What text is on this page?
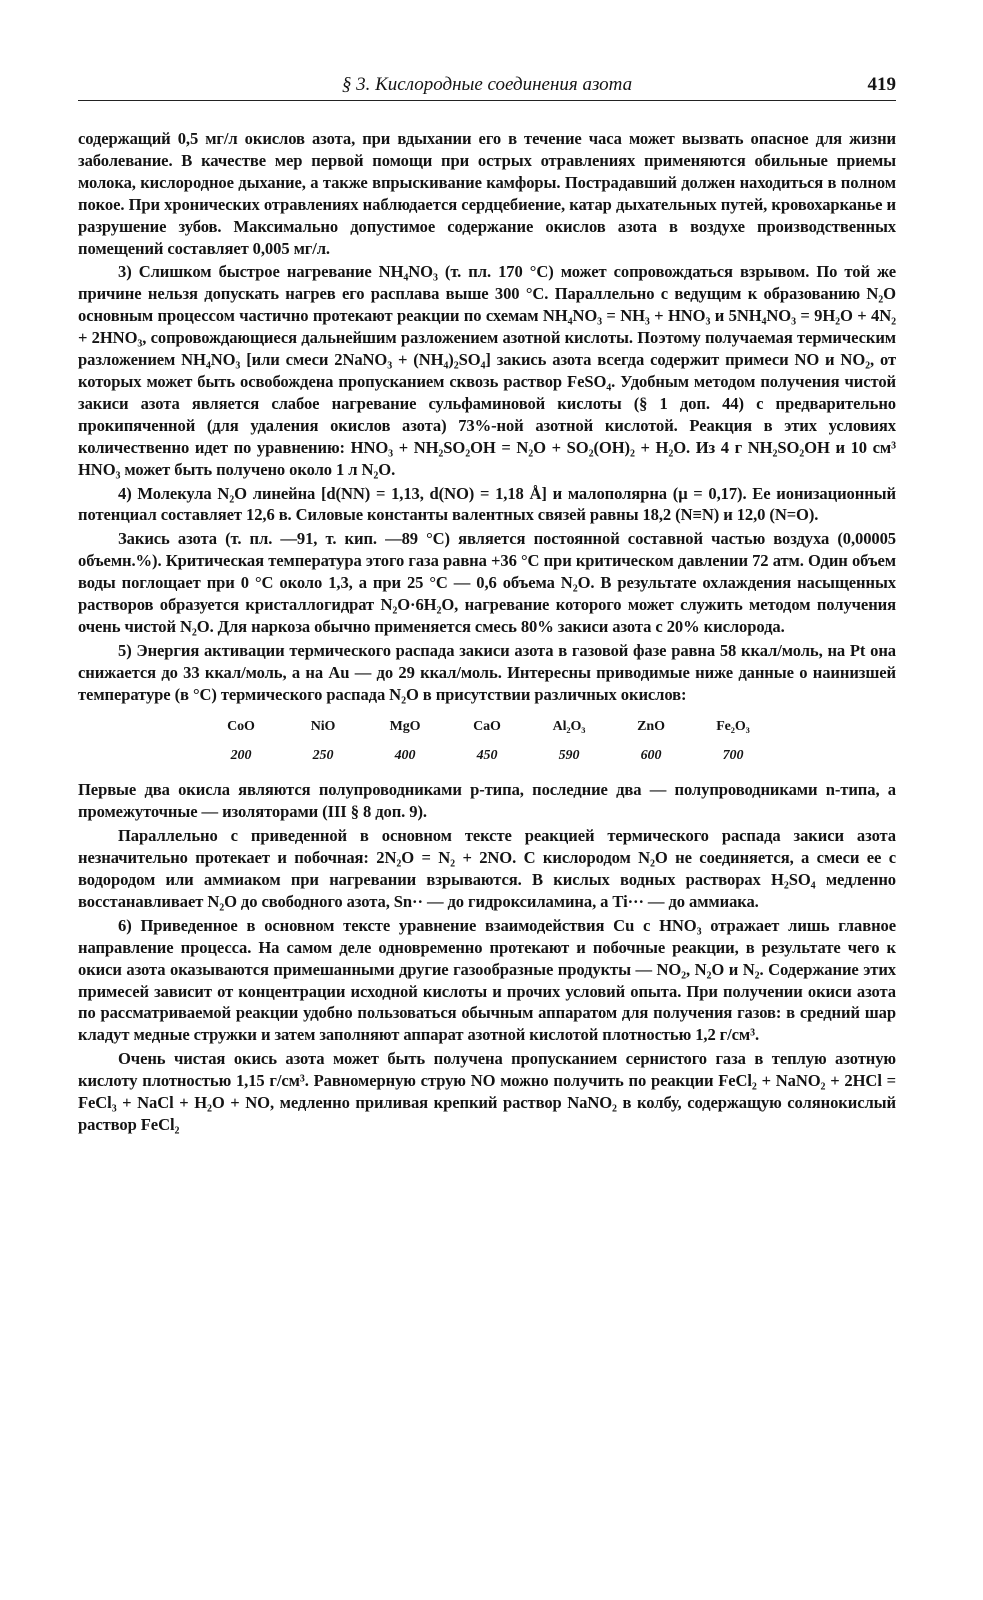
§ 3. Кислородные соединения азота	419

содержащий 0,5 мг/л окислов азота, при вдыхании его в течение часа может вызвать опасное для жизни заболевание. В качестве мер первой помощи при острых отравлениях применяются обильные приемы молока, кислородное дыхание, а также впрыскивание камфоры. Пострадавший должен находиться в полном покое. При хронических отравлениях наблюдается сердцебиение, катар дыхательных путей, кровохарканье и разрушение зубов. Максимально допустимое содержание окислов азота в воздухе производственных помещений составляет 0,005 мг/л.

3) Слишком быстрое нагревание NH₄NO₃ (т. пл. 170 °C) может сопровождаться взрывом. По той же причине нельзя допускать нагрев его расплава выше 300 °C. Параллельно с ведущим к образованию N₂O основным процессом частично протекают реакции по схемам NH₄NO₃ = NH₃ + HNO₃ и 5NH₄NO₃ = 9H₂O + 4N₂ + 2HNO₃, сопровождающиеся дальнейшим разложением азотной кислоты. Поэтому получаемая термическим разложением NH₄NO₃ [или смеси 2NaNO₃ + (NH₄)₂SO₄] закись азота всегда содержит примеси NO и NO₂, от которых может быть освобождена пропусканием сквозь раствор FeSO₄. Удобным методом получения чистой закиси азота является слабое нагревание сульфаминовой кислоты (§ 1 доп. 44) с предварительно прокипяченной (для удаления окислов азота) 73%-ной азотной кислотой. Реакция в этих условиях количественно идет по уравнению: HNO₃ + NH₂SO₂OH = N₂O + SO₂(OH)₂ + H₂O. Из 4 г NH₂SO₂OH и 10 см³ HNO₃ может быть получено около 1 л N₂O.

4) Молекула N₂O линейна [d(NN) = 1,13, d(NO) = 1,18 Å] и малополярна (μ = 0,17). Ее ионизационный потенциал составляет 12,6 в. Силовые константы валентных связей равны 18,2 (N≡N) и 12,0 (N=O).

Закись азота (т. пл. —91, т. кип. —89 °C) является постоянной составной частью воздуха (0,00005 объемн.%). Критическая температура этого газа равна +36 °C при критическом давлении 72 атм. Один объем воды поглощает при 0 °C около 1,3, а при 25 °C — 0,6 объема N₂O. В результате охлаждения насыщенных растворов образуется кристаллогидрат N₂O·6H₂O, нагревание которого может служить методом получения очень чистой N₂O. Для наркоза обычно применяется смесь 80% закиси азота с 20% кислорода.

5) Энергия активации термического распада закиси азота в газовой фазе равна 58 ккал/моль, на Pt она снижается до 33 ккал/моль, а на Au — до 29 ккал/моль. Интересны приводимые ниже данные о наинизшей температуре (в °C) термического распада N₂O в присутствии различных окислов:

CoO	NiO	MgO	CaO	Al₂O₃	ZnO	Fe₂O₃
200	250	400	450	590	600	700

Первые два окисла являются полупроводниками p-типа, последние два — полупроводниками n-типа, а промежуточные — изоляторами (III § 8 доп. 9).

Параллельно с приведенной в основном тексте реакцией термического распада закиси азота незначительно протекает и побочная: 2N₂O = N₂ + 2NO. С кислородом N₂O не соединяется, а смеси ее с водородом или аммиаком при нагревании взрываются. В кислых водных растворах H₂SO₄ медленно восстанавливает N₂O до свободного азота, Sn·· — до гидроксиламина, а Ti··· — до аммиака.

6) Приведенное в основном тексте уравнение взаимодействия Cu с HNO₃ отражает лишь главное направление процесса. На самом деле одновременно протекают и побочные реакции, в результате чего к окиси азота оказываются примешанными другие газообразные продукты — NO₂, N₂O и N₂. Содержание этих примесей зависит от концентрации исходной кислоты и прочих условий опыта. При получении окиси азота по рассматриваемой реакции удобно пользоваться обычным аппаратом для получения газов: в средний шар кладут медные стружки и затем заполняют аппарат азотной кислотой плотностью 1,2 г/см³.

Очень чистая окись азота может быть получена пропусканием сернистого газа в теплую азотную кислоту плотностью 1,15 г/см³. Равномерную струю NO можно получить по реакции FeCl₂ + NaNO₂ + 2HCl = FeCl₃ + NaCl + H₂O + NO, медленно приливая крепкий раствор NaNO₂ в колбу, содержащую солянокислый раствор FeCl₂
